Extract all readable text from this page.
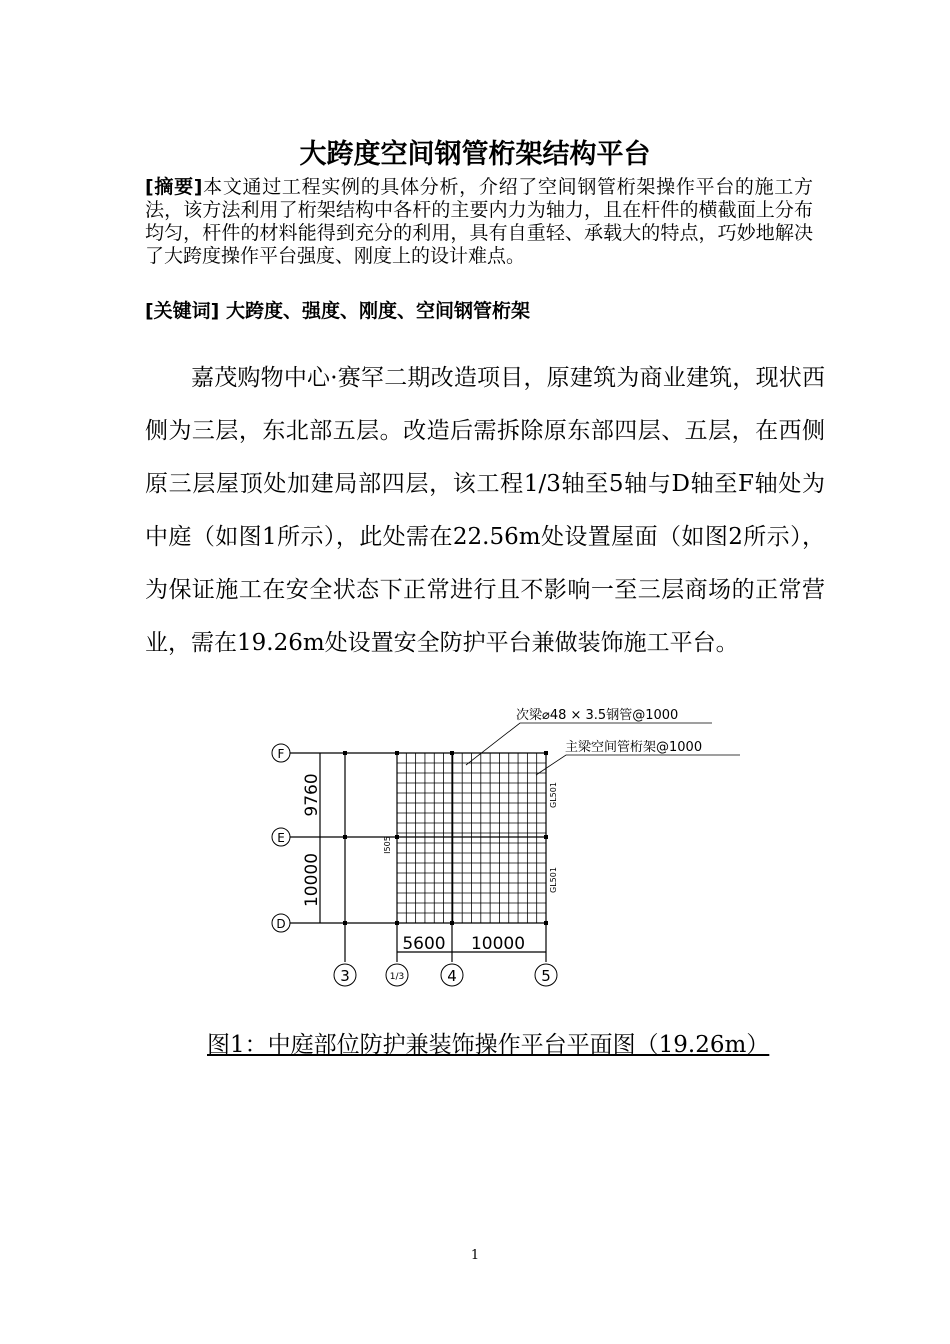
大跨度空间钢管桁架结构平台

[摘要]本文通过工程实例的具体分析，介绍了空间钢管桁架操作平台的施工方法，该方法利用了桁架结构中各杆的主要内力为轴力，且在杆件的横截面上分布均匀，杆件的材料能得到充分的利用，具有自重轻、承载大的特点，巧妙地解决了大跨度操作平台强度、刚度上的设计难点。

[关键词] 大跨度、强度、刚度、空间钢管桁架

嘉茂购物中心·赛罕二期改造项目，原建筑为商业建筑，现状西侧为三层，东北部五层。改造后需拆除原东部四层、五层，在西侧原三层屋顶处加建局部四层，该工程1/3轴至5轴与D轴至F轴处为中庭（如图1所示），此处需在22.56m处设置屋面（如图2所示），为保证施工在安全状态下正常进行且不影响一至三层商场的正常营业，需在19.26m处设置安全防护平台兼做装饰施工平台。

F
E
D
3	1/3	4	5
9760
10000
5600 10000
I505
GL501
GL501
次梁⌀48 × 3.5钢管@1000
主梁空间管桁架@1000

图1：中庭部位防护兼装饰操作平台平面图（19.26m）

1
